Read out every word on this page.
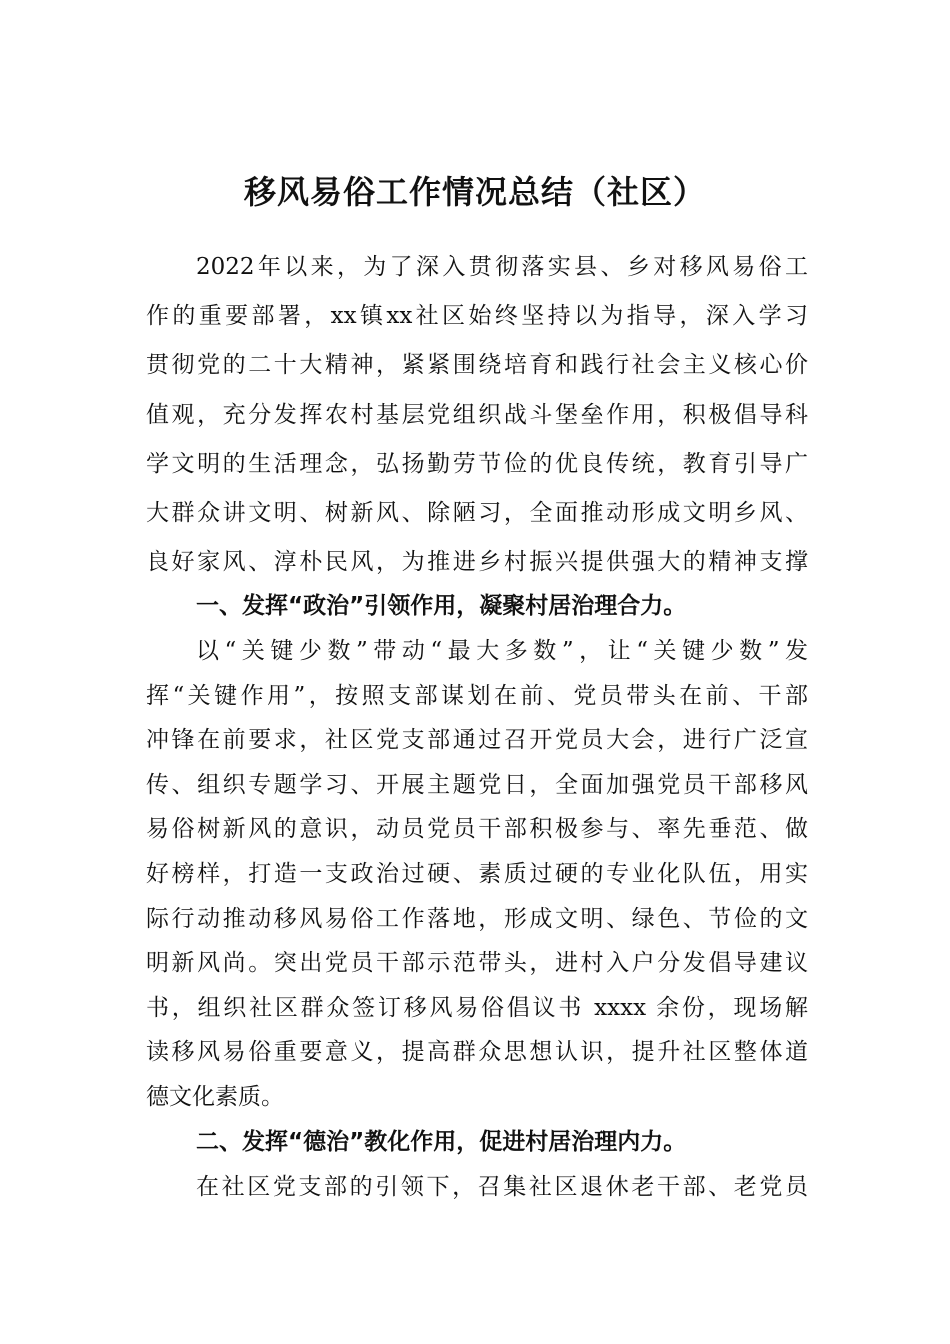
移风易俗工作情况总结（社区）
2022年以来，为了深入贯彻落实县、乡对移风易俗工
作的重要部署，xx镇xx社区始终坚持以为指导，深入学习
贯彻党的二十大精神，紧紧围绕培育和践行社会主义核心价
值观，充分发挥农村基层党组织战斗堡垒作用，积极倡导科
学文明的生活理念，弘扬勤劳节俭的优良传统，教育引导广
大群众讲文明、树新风、除陋习，全面推动形成文明乡风、
良好家风、淳朴民风，为推进乡村振兴提供强大的精神支撑
一、发挥“政治”引领作用，凝聚村居治理合力。
以“关键少数”带动“最大多数”，让“关键少数”发
挥“关键作用”，按照支部谋划在前、党员带头在前、干部
冲锋在前要求，社区党支部通过召开党员大会，进行广泛宣
传、组织专题学习、开展主题党日，全面加强党员干部移风
易俗树新风的意识，动员党员干部积极参与、率先垂范、做
好榜样，打造一支政治过硬、素质过硬的专业化队伍，用实
际行动推动移风易俗工作落地，形成文明、绿色、节俭的文
明新风尚。突出党员干部示范带头，进村入户分发倡导建议
书，组织社区群众签订移风易俗倡议书 xxxx 余份，现场解
读移风易俗重要意义，提高群众思想认识，提升社区整体道
德文化素质。
二、发挥“德治”教化作用，促进村居治理内力。
在社区党支部的引领下，召集社区退休老干部、老党员
